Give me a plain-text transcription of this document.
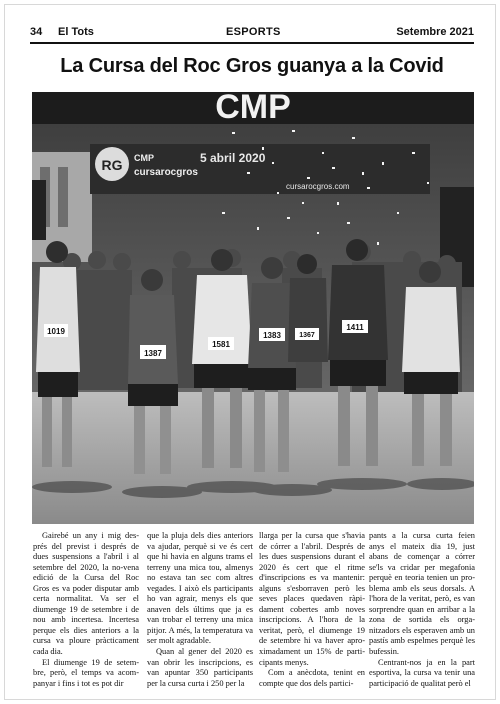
34 El Tots	ESPORTS	Setembre 2021
La Cursa del Roc Gros guanya a la Covid
CMP
RG CMP
cursarocgros
5 abril 2020
cursarocgros.com
1019
1387
1581
1383	1367
1411

Gairebé un any i mig des-prés del previst i després de dues suspensions a l'abril i al setembre del 2020, la no-vena edició de la Cursa del Roc Gros es va poder disputar amb certa normalitat. Va ser el diumenge 19 de setembre i de nou amb incertesa. Incertesa perque els dies anteriors a la cursa va ploure pràcticament cada dia.

El diumenge 19 de setem-bre, però, el temps va acom-panyar i fins i tot es pot dir

que la pluja dels dies anteriors va ajudar, perquè si ve és cert que hi havia en alguns trams el terreny una mica tou, almenys no estava tan sec com altres vegades. I això els participants ho van agrair, menys els que anaven dels últims que ja es van trobar el terreny una mica pitjor. A més, la temperatura va ser molt agradable.

Quan al gener del 2020 es van obrir les inscripcions, es van apuntar 350 participants per la cursa curta i 250 per la

llarga per la cursa que s'havia de córrer a l'abril. Després de les dues suspensions durant el 2020 és cert que el ritme d'inscripcions es va mantenir: alguns s'esborraven però les seves places quedaven ràpi-dament cobertes amb noves inscripcions. A l'hora de la veritat, però, el diumenge 19 de setembre hi va haver apro-ximadament un 15% de parti-cipants menys.

Com a anècdota, tenint en compte que dos dels partici-

pants a la cursa curta feien anys el mateix dia 19, just abans de començar a córrer se'ls va cridar per megafonia perquè en teoria tenien un pro-blema amb els seus dorsals. A l'hora de la veritat, però, es van sorprendre quan en arribar a la zona de sortida els orga-nitzadors els esperaven amb un pastís amb espelmes perquè les bufessin.

Centrant-nos ja en la part esportiva, la cursa va tenir una participació de qualitat però el
